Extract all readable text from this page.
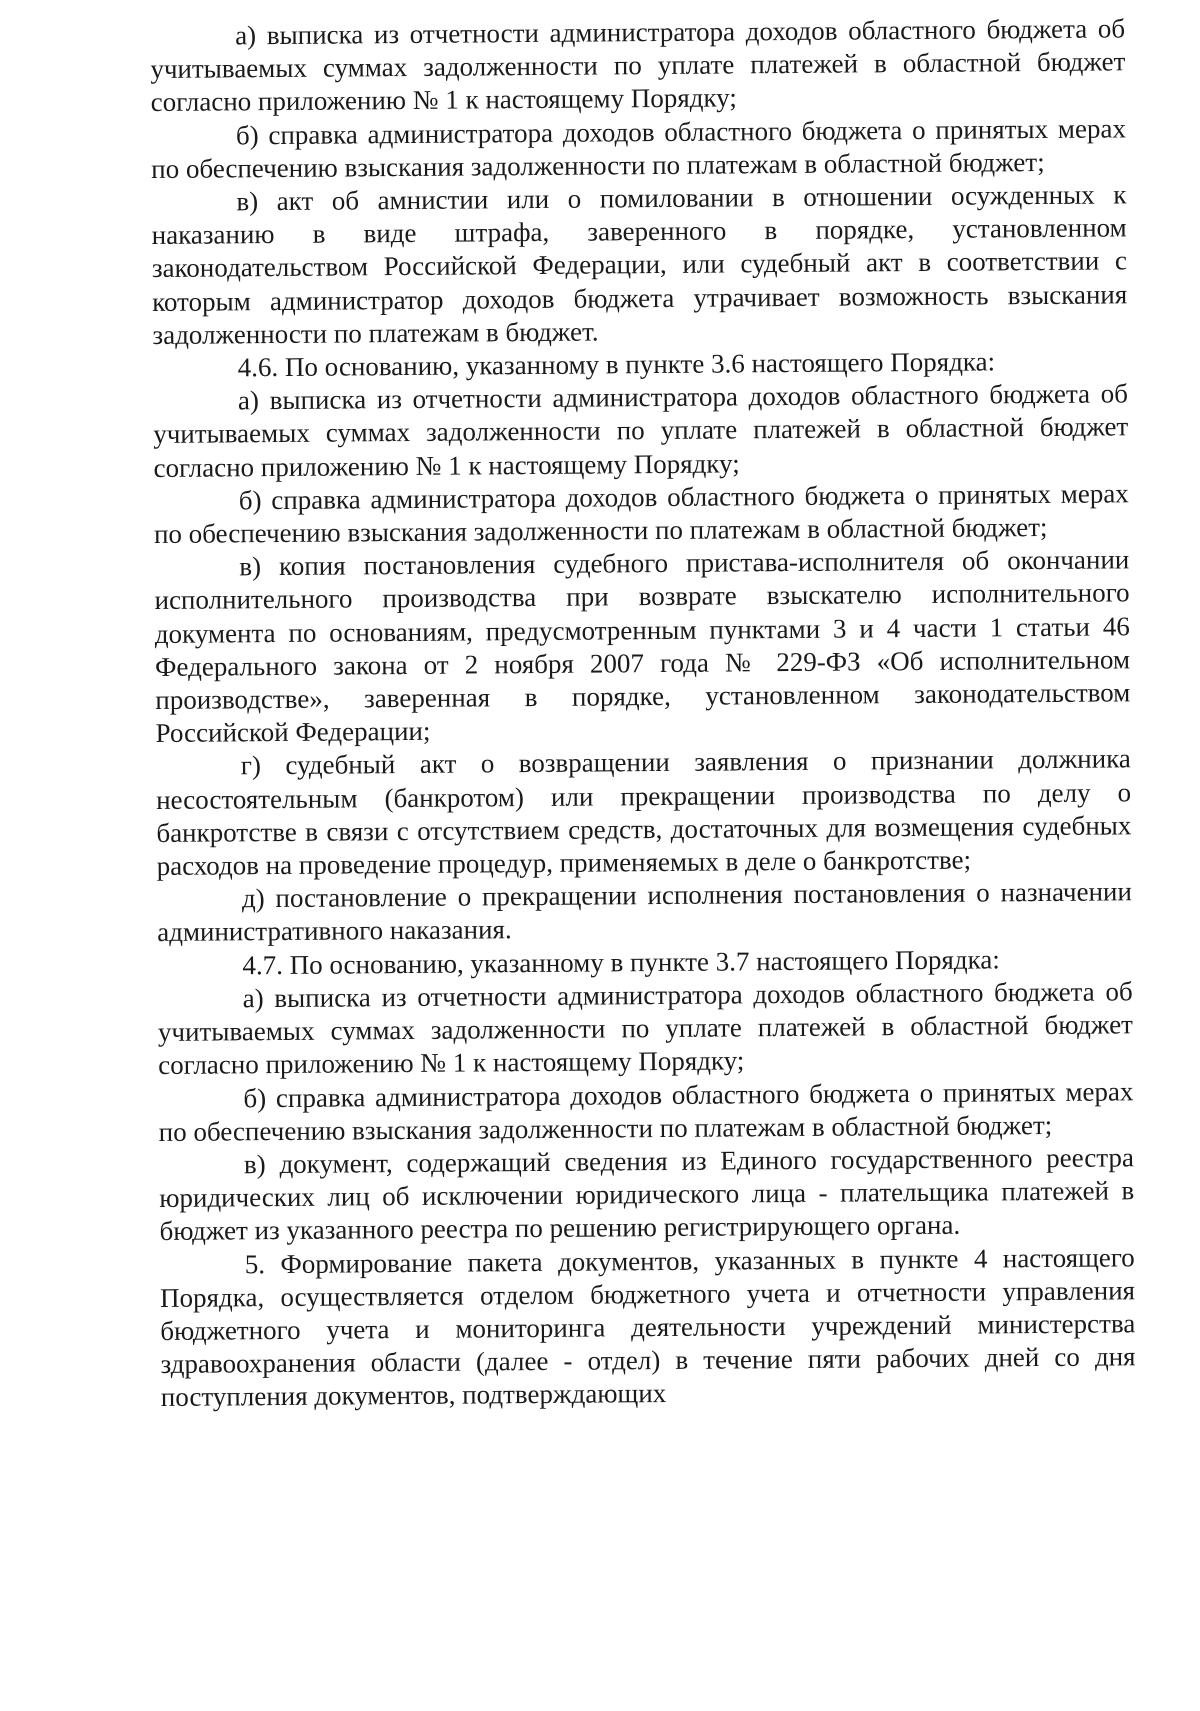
а) выписка из отчетности администратора доходов областного бюджета об учитываемых суммах задолженности по уплате платежей в областной бюджет согласно приложению № 1 к настоящему Порядку;

б) справка администратора доходов областного бюджета о принятых мерах по обеспечению взыскания задолженности по платежам в областной бюджет;

в) акт об амнистии или о помиловании в отношении осужденных к наказанию в виде штрафа, заверенного в порядке, установленном законодательством Российской Федерации, или судебный акт в соответствии с которым администратор доходов бюджета утрачивает возможность взыскания задолженности по платежам в бюджет.

4.6. По основанию, указанному в пункте 3.6 настоящего Порядка:

а) выписка из отчетности администратора доходов областного бюджета об учитываемых суммах задолженности по уплате платежей в областной бюджет согласно приложению № 1 к настоящему Порядку;

б) справка администратора доходов областного бюджета о принятых мерах по обеспечению взыскания задолженности по платежам в областной бюджет;

в) копия постановления судебного пристава-исполнителя об окончании исполнительного производства при возврате взыскателю исполнительного документа по основаниям, предусмотренным пунктами 3 и 4 части 1 статьи 46 Федерального закона от 2 ноября 2007 года № 229-ФЗ «Об исполнительном производстве», заверенная в порядке, установленном законодательством Российской Федерации;

г) судебный акт о возвращении заявления о признании должника несостоятельным (банкротом) или прекращении производства по делу о банкротстве в связи с отсутствием средств, достаточных для возмещения судебных расходов на проведение процедур, применяемых в деле о банкротстве;

д) постановление о прекращении исполнения постановления о назначении административного наказания.

4.7. По основанию, указанному в пункте 3.7 настоящего Порядка:

а) выписка из отчетности администратора доходов областного бюджета об учитываемых суммах задолженности по уплате платежей в областной бюджет согласно приложению № 1 к настоящему Порядку;

б) справка администратора доходов областного бюджета о принятых мерах по обеспечению взыскания задолженности по платежам в областной бюджет;

в) документ, содержащий сведения из Единого государственного реестра юридических лиц об исключении юридического лица - плательщика платежей в бюджет из указанного реестра по решению регистрирующего органа.

5. Формирование пакета документов, указанных в пункте 4 настоящего Порядка, осуществляется отделом бюджетного учета и отчетности управления бюджетного учета и мониторинга деятельности учреждений министерства здравоохранения области (далее - отдел) в течение пяти рабочих дней со дня поступления документов, подтверждающих
